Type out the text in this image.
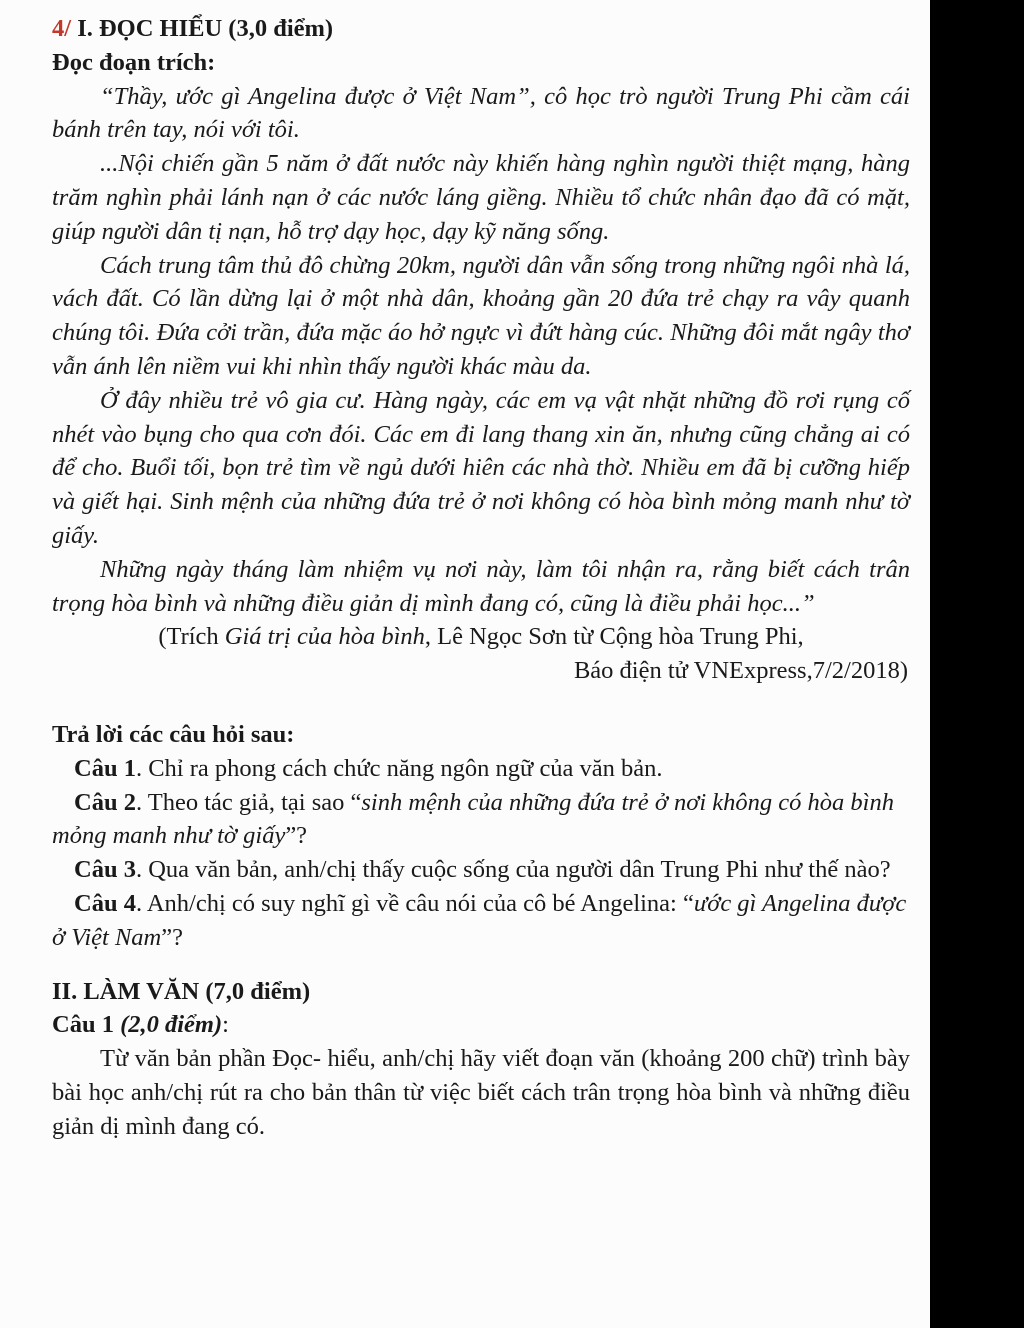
4/ I. ĐỌC HIỂU (3,0 điểm)

Đọc đoạn trích:

“Thầy, ước gì Angelina được ở Việt Nam”, cô học trò người Trung Phi cầm cái bánh trên tay, nói với tôi.

...Nội chiến gần 5 năm ở đất nước này khiến hàng nghìn người thiệt mạng, hàng trăm nghìn phải lánh nạn ở các nước láng giềng. Nhiều tổ chức nhân đạo đã có mặt, giúp người dân tị nạn, hỗ trợ dạy học, dạy kỹ năng sống.

Cách trung tâm thủ đô chừng 20km, người dân vẫn sống trong những ngôi nhà lá, vách đất. Có lần dừng lại ở một nhà dân, khoảng gần 20 đứa trẻ chạy ra vây quanh chúng tôi. Đứa cởi trần, đứa mặc áo hở ngực vì đứt hàng cúc. Những đôi mắt ngây thơ vẫn ánh lên niềm vui khi nhìn thấy người khác màu da.

Ở đây nhiều trẻ vô gia cư. Hàng ngày, các em vạ vật nhặt những đồ rơi rụng cố nhét vào bụng cho qua cơn đói. Các em đi lang thang xin ăn, nhưng cũng chẳng ai có để cho. Buổi tối, bọn trẻ tìm về ngủ dưới hiên các nhà thờ. Nhiều em đã bị cưỡng hiếp và giết hại. Sinh mệnh của những đứa trẻ ở nơi không có hòa bình mỏng manh như tờ giấy.

Những ngày tháng làm nhiệm vụ nơi này, làm tôi nhận ra, rằng biết cách trân trọng hòa bình và những điều giản dị mình đang có, cũng là điều phải học...”

(Trích Giá trị của hòa bình, Lê Ngọc Sơn từ Cộng hòa Trung Phi,

Báo điện tử VNExpress,7/2/2018)

Trả lời các câu hỏi sau:

Câu 1. Chỉ ra phong cách chức năng ngôn ngữ của văn bản.

Câu 2. Theo tác giả, tại sao “sinh mệnh của những đứa trẻ ở nơi không có hòa bình mỏng manh như tờ giấy”?

Câu 3. Qua văn bản, anh/chị thấy cuộc sống của người dân Trung Phi như thế nào?

Câu 4. Anh/chị có suy nghĩ gì về câu nói của cô bé Angelina: “ước gì Angelina được ở Việt Nam”?

II. LÀM VĂN (7,0 điểm)

Câu 1 (2,0 điểm):

Từ văn bản phần Đọc- hiểu, anh/chị hãy viết đoạn văn (khoảng 200 chữ) trình bày bài học anh/chị rút ra cho bản thân từ việc biết cách trân trọng hòa bình và những điều giản dị mình đang có.
